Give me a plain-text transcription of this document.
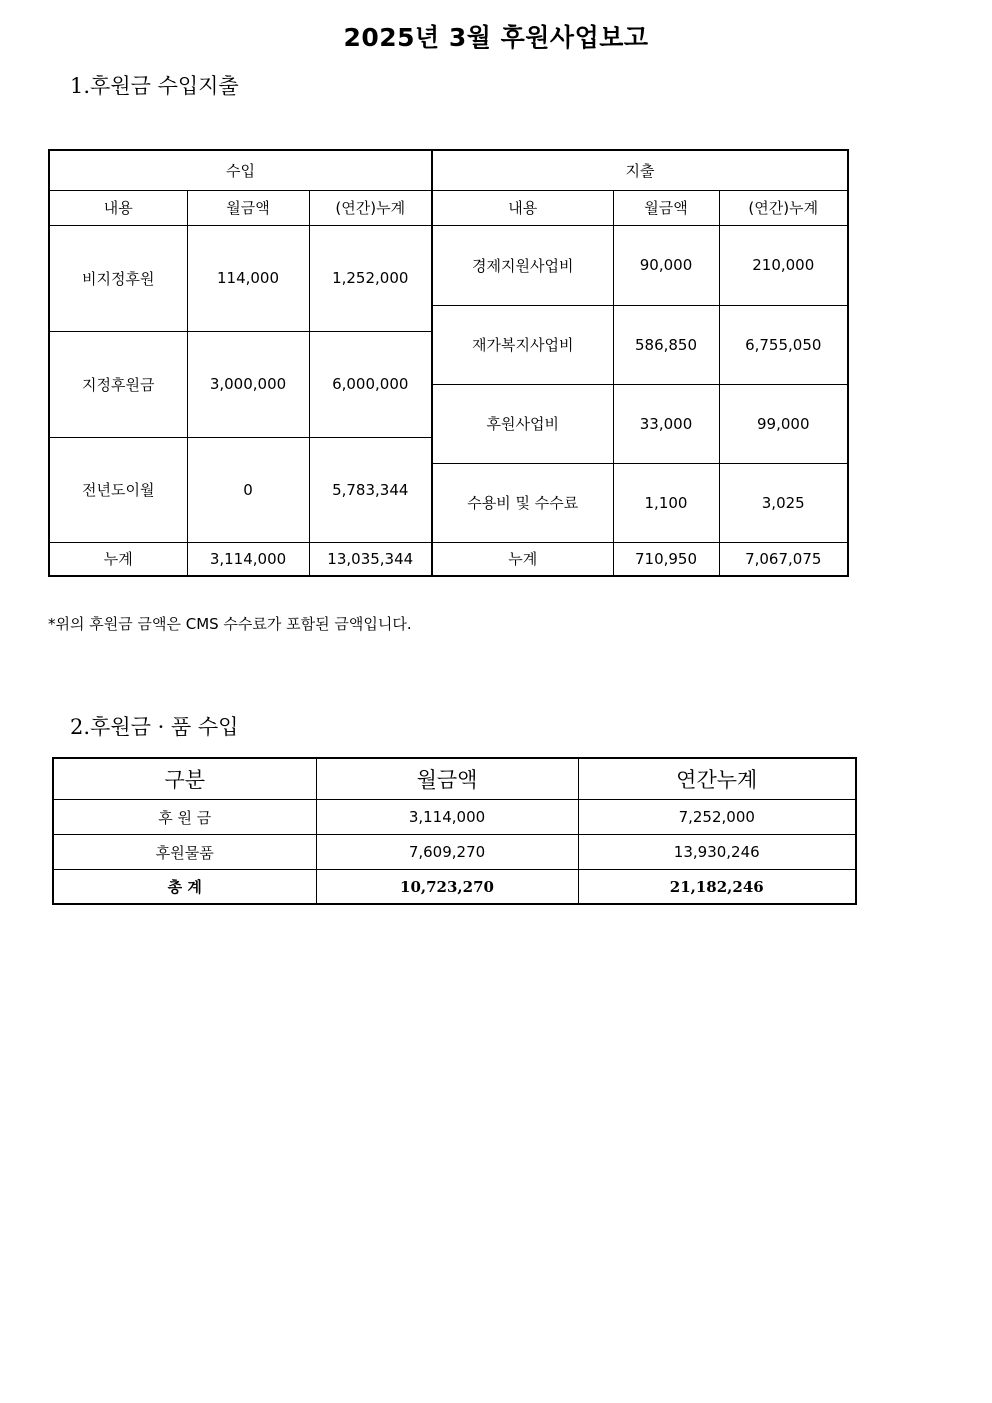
2025년 3월 후원사업보고
1.후원금 수입지출
수입			지출		
내용	월금액	(연간)누계	내용	월금액	(연간)누계
비지정후원	114,000	1,252,000	경제지원사업비	90,000	210,000

			재가복지사업비	586,850	6,755,050
지정후원금	3,000,000	6,000,000			

			후원사업비	33,000	99,000
전년도이월	0	5,783,344			
			수용비 및 수수료	1,100	3,025
누계	3,114,000	13,035,344	누계	710,950	7,067,075
*위의 후원금 금액은 CMS 수수료가 포함된 금액입니다.
2.후원금 · 품 수입
구분	월금액	연간누계
후 원 금	3,114,000	7,252,000
후원물품	7,609,270	13,930,246
총 계	10,723,270	21,182,246
